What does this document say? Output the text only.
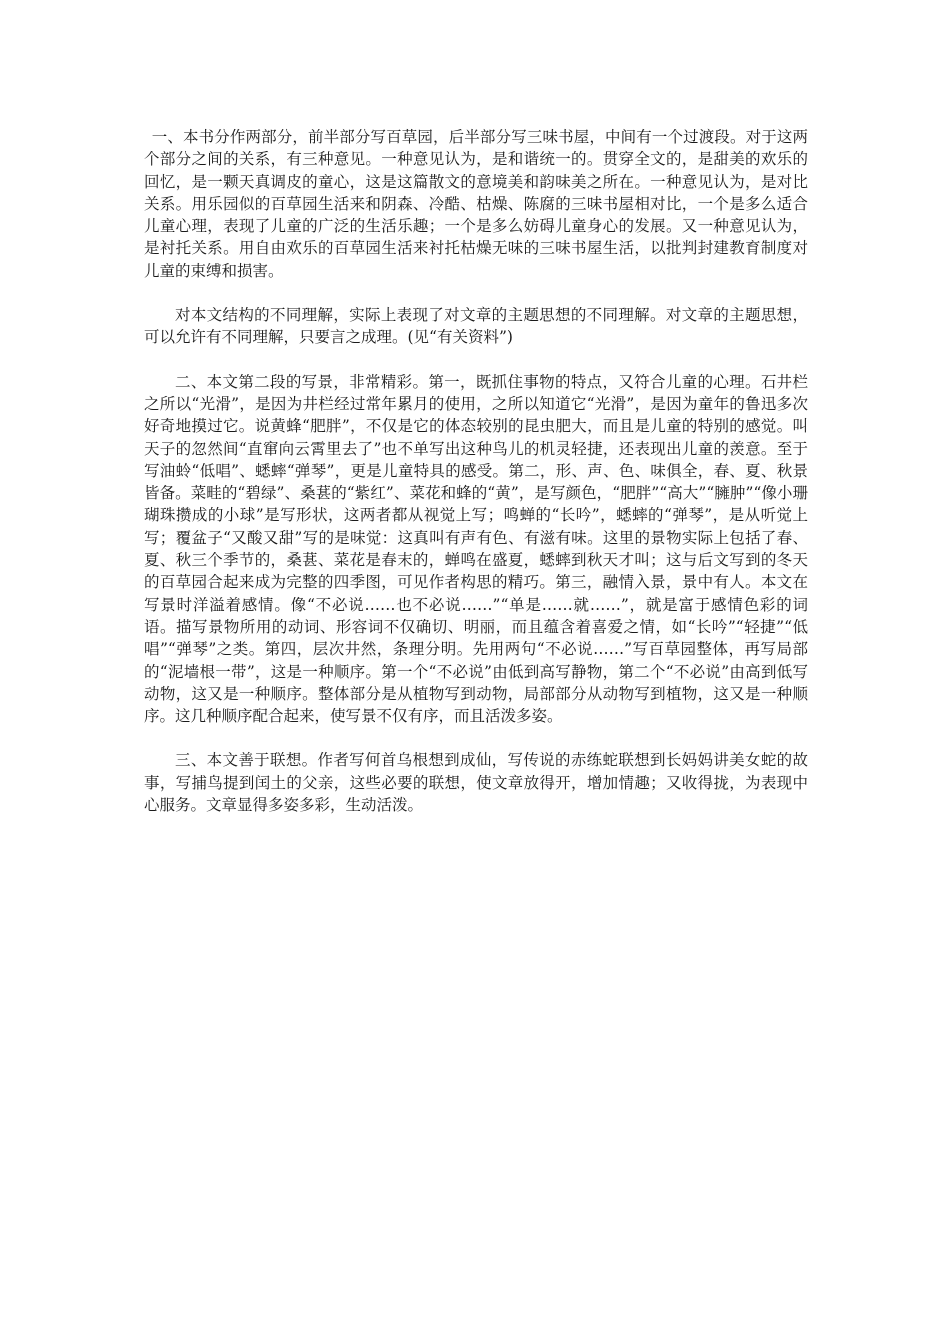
一、本书分作两部分，前半部分写百草园，后半部分写三味书屋，中间有一个过渡段。对于这两个部分之间的关系，有三种意见。一种意见认为，是和谐统一的。贯穿全文的，是甜美的欢乐的回忆，是一颗天真调皮的童心，这是这篇散文的意境美和韵味美之所在。一种意见认为，是对比关系。用乐园似的百草园生活来和阴森、冷酷、枯燥、陈腐的三味书屋相对比，一个是多么适合儿童心理，表现了儿童的广泛的生活乐趣；一个是多么妨碍儿童身心的发展。又一种意见认为，是衬托关系。用自由欢乐的百草园生活来衬托枯燥无味的三味书屋生活，以批判封建教育制度对儿童的束缚和损害。

对本文结构的不同理解，实际上表现了对文章的主题思想的不同理解。对文章的主题思想，可以允许有不同理解，只要言之成理。(见“有关资料”)

二、本文第二段的写景，非常精彩。第一，既抓住事物的特点，又符合儿童的心理。石井栏之所以“光滑”，是因为井栏经过常年累月的使用，之所以知道它“光滑”，是因为童年的鲁迅多次好奇地摸过它。说黄蜂“肥胖”，不仅是它的体态较别的昆虫肥大，而且是儿童的特别的感觉。叫天子的忽然间“直窜向云霄里去了”也不单写出这种鸟儿的机灵轻捷，还表现出儿童的羡意。至于写油蛉“低唱”、蟋蟀“弹琴”，更是儿童特具的感受。第二，形、声、色、味俱全，春、夏、秋景皆备。菜畦的“碧绿”、桑葚的“紫红”、菜花和蜂的“黄”，是写颜色，“肥胖”“高大”“臃肿”“像小珊瑚珠攒成的小球”是写形状，这两者都从视觉上写；鸣蝉的“长吟”，蟋蟀的“弹琴”，是从听觉上写；覆盆子“又酸又甜”写的是味觉：这真叫有声有色、有滋有味。这里的景物实际上包括了春、夏、秋三个季节的，桑葚、菜花是春末的，蝉鸣在盛夏，蟋蟀到秋天才叫；这与后文写到的冬天的百草园合起来成为完整的四季图，可见作者构思的精巧。第三，融情入景，景中有人。本文在写景时洋溢着感情。像“不必说……也不必说……”“单是……就……”，就是富于感情色彩的词语。描写景物所用的动词、形容词不仅确切、明丽，而且蕴含着喜爱之情，如“长吟”“轻捷”“低唱”“弹琴”之类。第四，层次井然，条理分明。先用两句“不必说……”写百草园整体，再写局部的“泥墙根一带”，这是一种顺序。第一个“不必说”由低到高写静物，第二个“不必说”由高到低写动物，这又是一种顺序。整体部分是从植物写到动物，局部部分从动物写到植物，这又是一种顺序。这几种顺序配合起来，使写景不仅有序，而且活泼多姿。

三、本文善于联想。作者写何首乌根想到成仙，写传说的赤练蛇联想到长妈妈讲美女蛇的故事，写捕鸟提到闰土的父亲，这些必要的联想，使文章放得开，增加情趣；又收得拢，为表现中心服务。文章显得多姿多彩，生动活泼。
